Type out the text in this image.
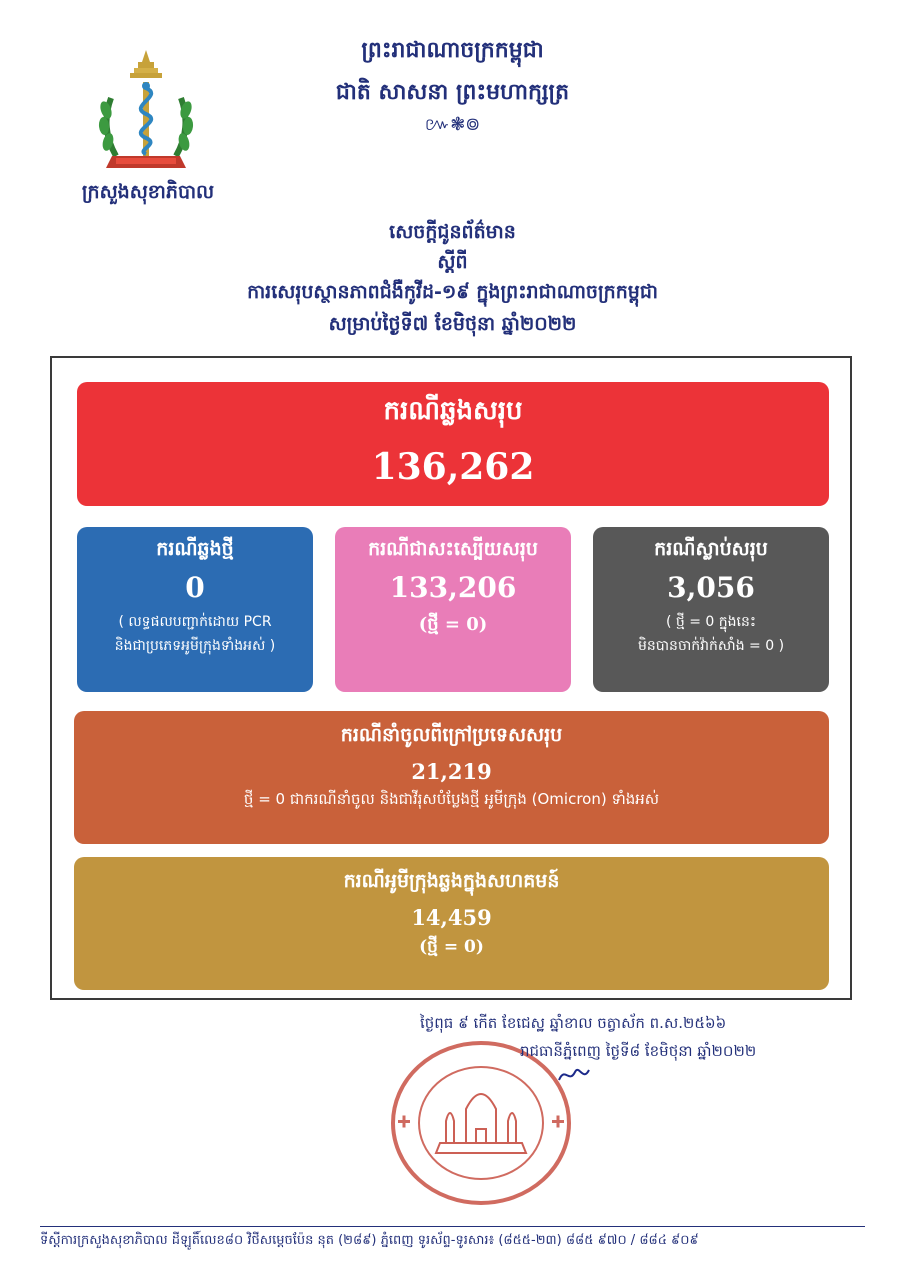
ក្រសួងសុខាភិបាល
ព្រះរាជាណាចក្រកម្ពុជា
ជាតិ សាសនា ព្រះមហាក្សត្រ
៚❃៙
សេចក្តីជូនព័ត៌មាន
ស្តីពី
ការសេរុបស្ថានភាពជំងឺកូវីដ-១៩ ក្នុងព្រះរាជាណាចក្រកម្ពុជា
សម្រាប់ថ្ងៃទី៧ ខែមិថុនា ឆ្នាំ២០២២
ករណីឆ្លងសរុប
136,262
ករណីឆ្លងថ្មី
0
( លទ្ធផលបញ្ជាក់ដោយ PCR
និងជាប្រភេទអូមីក្រុងទាំងអស់ )
ករណីជាសះស្បើយសរុប
133,206
(ថ្មី = 0)
ករណីស្លាប់សរុប
3,056
( ថ្មី = 0 ក្នុងនេះ
មិនបានចាក់វ៉ាក់សាំង = 0 )
ករណីនាំចូលពីក្រៅប្រទេសសរុប
21,219
ថ្មី = 0 ជាករណីនាំចូល និងជាវីរុសបំប្លែងថ្មី អូមីក្រុង (Omicron) ទាំងអស់
ករណីអូមីក្រុងឆ្លងក្នុងសហគមន៍
14,459
(ថ្មី = 0)
ថ្ងៃពុធ ៩ កើត ខែជេស្ឋ ឆ្នាំខាល ចត្វាស័ក ព.ស.២៥៦៦
រាជធានីភ្នំពេញ ថ្ងៃទី៨ ខែមិថុនា ឆ្នាំ២០២២
ទីស្តីការក្រសួងសុខាភិបាល ដីឡូតិ៍លេខ៨០ វិថីសម្តេចប៉ែន នុត (២៨៩) ភ្នំពេញ ទូរស័ព្ទ-ទូរសារ៖ (៨៥៥-២៣) ៨៨៥ ៩៧០ / ៨៨៤ ៩០៩
